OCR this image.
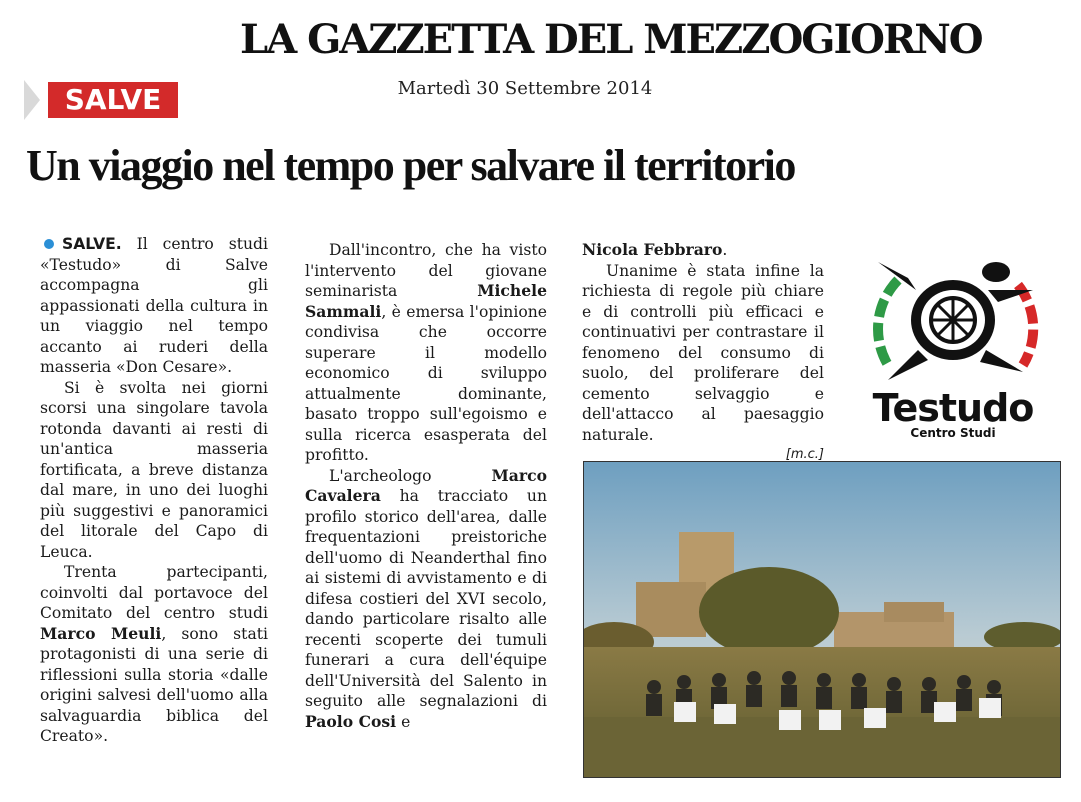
LA GAZZETTA DEL MEZZOGIORNO
Martedì 30 Settembre 2014
SALVE
Un viaggio nel tempo per salvare il territorio

SALVE. Il centro studi «Testudo» di Salve accompagna gli appassionati della cultura in un viaggio nel tempo accanto ai ruderi della masseria «Don Cesare».

Si è svolta nei giorni scorsi una singolare tavola rotonda davanti ai resti di un'antica masseria fortificata, a breve distanza dal mare, in uno dei luoghi più suggestivi e panoramici del litorale del Capo di Leuca.

Trenta partecipanti, coinvolti dal portavoce del Comitato del centro studi Marco Meuli, sono stati protagonisti di una serie di riflessioni sulla storia «dalle origini salvesi dell'uomo alla salvaguardia biblica del Creato».

Dall'incontro, che ha visto l'intervento del giovane seminarista	Michele Sammali, è emersa l'opinione condivisa che occorre superare il modello economico di sviluppo attualmente dominante, basato troppo sull'egoismo e sulla ricerca esasperata del profitto.

L'archeologo	Marco Cavalera ha tracciato un profilo storico dell'area, dalle frequentazioni preistoriche dell'uomo di Neanderthal fino ai sistemi di avvistamento e di difesa costieri del XVI secolo, dando particolare risalto alle recenti scoperte dei tumuli funerari a cura dell'équipe dell'Università del Salento in seguito alle segnalazioni di Paolo Cosi e

Nicola Febbraro.

Unanime è stata infine la richiesta di regole più chiare e di controlli più efficaci e continuativi per contrastare il fenomeno del consumo di suolo, del proliferare del cemento selvaggio e dell'attacco al paesaggio naturale.

[m.c.]
Testudo
Centro Studi
